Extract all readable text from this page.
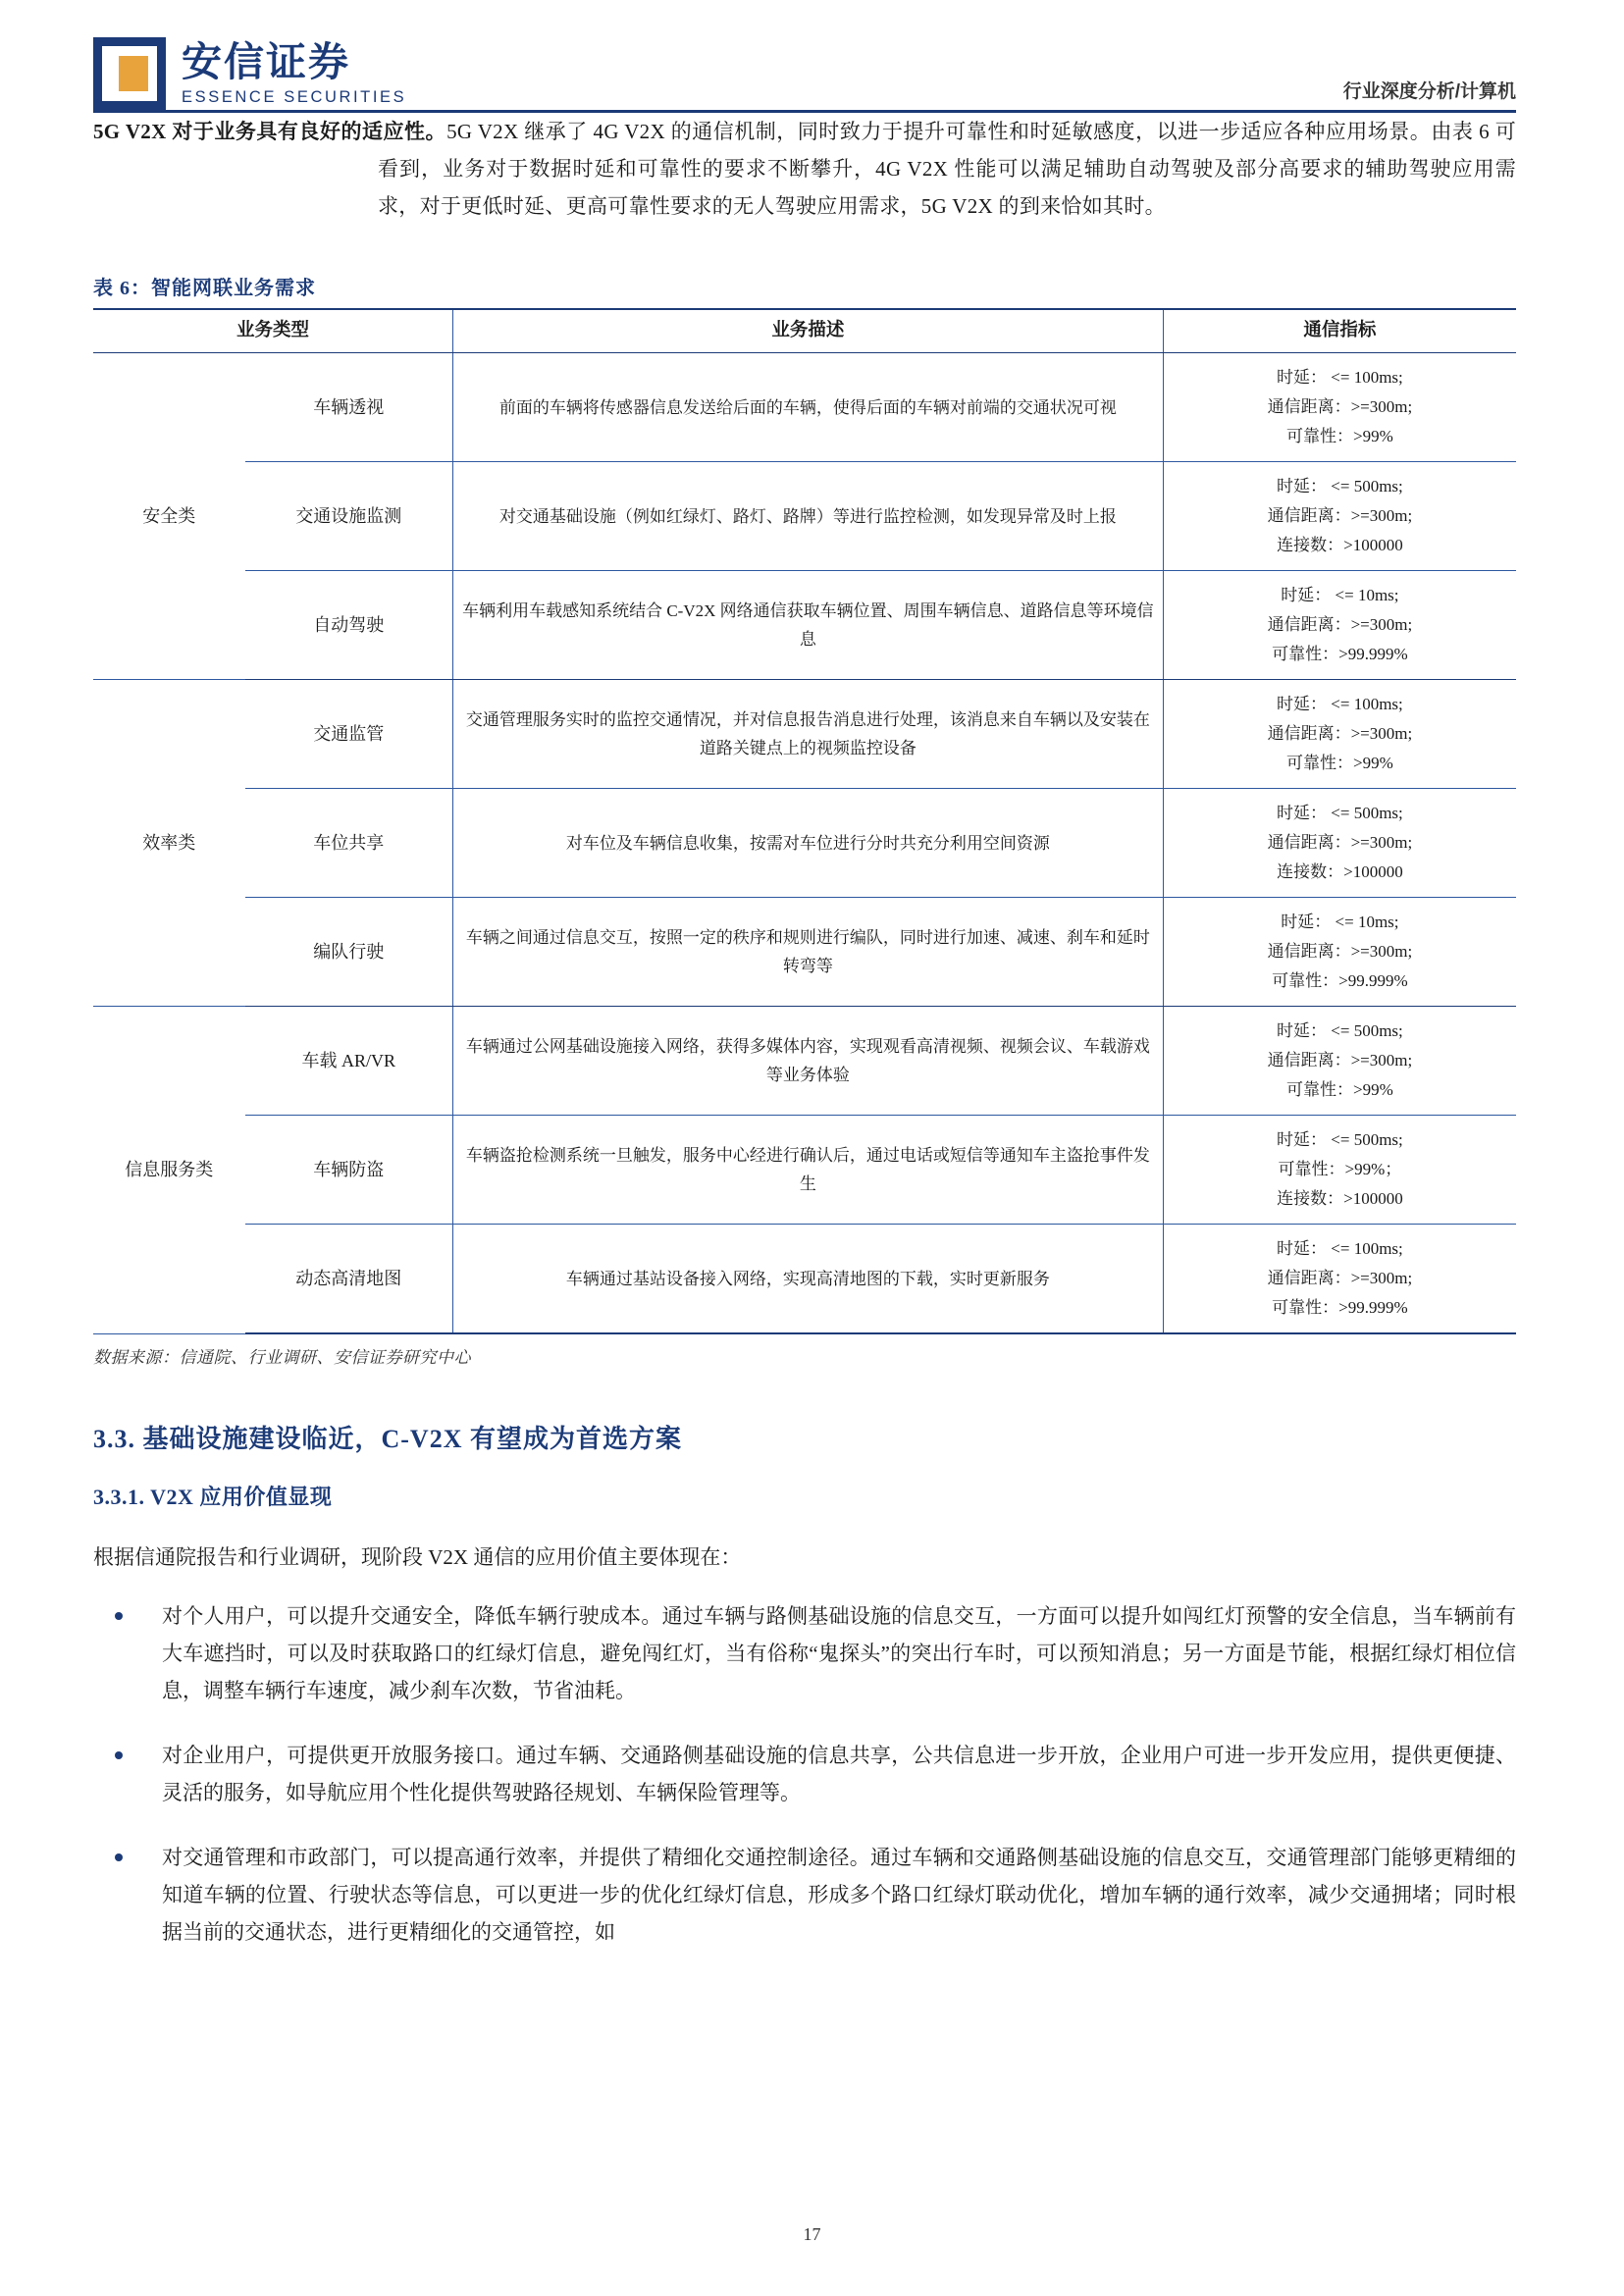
安信证券
ESSENCE SECURITIES	行业深度分析/计算机

5G V2X 对于业务具有良好的适应性。5G V2X 继承了 4G V2X 的通信机制，同时致力于提升可靠性和时延敏感度，以进一步适应各种应用场景。由表 6 可看到，业务对于数据时延和可靠性的要求不断攀升，4G V2X 性能可以满足辅助自动驾驶及部分高要求的辅助驾驶应用需求，对于更低时延、更高可靠性要求的无人驾驶应用需求，5G V2X 的到来恰如其时。

表 6：智能网联业务需求
业务类型		业务描述	通信指标
安全类	车辆透视	前面的车辆将传感器信息发送给后面的车辆，使得后面的车辆对前端的交通状况可视	时延： <= 100ms;
通信距离：>=300m;
可靠性：>99%

	交通设施监测	对交通基础设施（例如红绿灯、路灯、路牌）等进行监控检测，如发现异常及时上报	时延： <= 500ms;
通信距离：>=300m;
连接数：>100000

	自动驾驶	车辆利用车载感知系统结合 C-V2X 网络通信获取车辆位置、周围车辆信息、道路信息等环境信息	时延： <= 10ms;
通信距离：>=300m;
可靠性：>99.999%

效率类	交通监管	交通管理服务实时的监控交通情况，并对信息报告消息进行处理，该消息来自车辆以及安装在道路关键点上的视频监控设备	时延： <= 100ms;
通信距离：>=300m;
可靠性：>99%

	车位共享	对车位及车辆信息收集，按需对车位进行分时共充分利用空间资源	时延： <= 500ms;
通信距离：>=300m;
连接数：>100000

	编队行驶	车辆之间通过信息交互，按照一定的秩序和规则进行编队，同时进行加速、减速、刹车和延时转弯等	时延： <= 10ms;
通信距离：>=300m;
可靠性：>99.999%

信息服务类	车载 AR/VR	车辆通过公网基础设施接入网络，获得多媒体内容，实现观看高清视频、视频会议、车载游戏等业务体验	时延： <= 500ms;
通信距离：>=300m;
可靠性：>99%

	车辆防盗	车辆盗抢检测系统一旦触发，服务中心经进行确认后，通过电话或短信等通知车主盗抢事件发生	时延： <= 500ms;
可靠性：>99%；
连接数：>100000

	动态高清地图	车辆通过基站设备接入网络，实现高清地图的下载，实时更新服务	时延： <= 100ms;
通信距离：>=300m;
可靠性：>99.999%
数据来源：信通院、行业调研、安信证券研究中心
3.3. 基础设施建设临近，C-V2X 有望成为首选方案
3.3.1. V2X 应用价值显现

根据信通院报告和行业调研，现阶段 V2X 通信的应用价值主要体现在：

对个人用户，可以提升交通安全，降低车辆行驶成本。通过车辆与路侧基础设施的信息交互，一方面可以提升如闯红灯预警的安全信息，当车辆前有大车遮挡时，可以及时获取路口的红绿灯信息，避免闯红灯，当有俗称“鬼探头”的突出行车时，可以预知消息；另一方面是节能，根据红绿灯相位信息，调整车辆行车速度，减少刹车次数，节省油耗。
对企业用户，可提供更开放服务接口。通过车辆、交通路侧基础设施的信息共享，公共信息进一步开放，企业用户可进一步开发应用，提供更便捷、灵活的服务，如导航应用个性化提供驾驶路径规划、车辆保险管理等。
对交通管理和市政部门，可以提高通行效率，并提供了精细化交通控制途径。通过车辆和交通路侧基础设施的信息交互，交通管理部门能够更精细的知道车辆的位置、行驶状态等信息，可以更进一步的优化红绿灯信息，形成多个路口红绿灯联动优化，增加车辆的通行效率，减少交通拥堵；同时根据当前的交通状态，进行更精细化的交通管控，如
17
